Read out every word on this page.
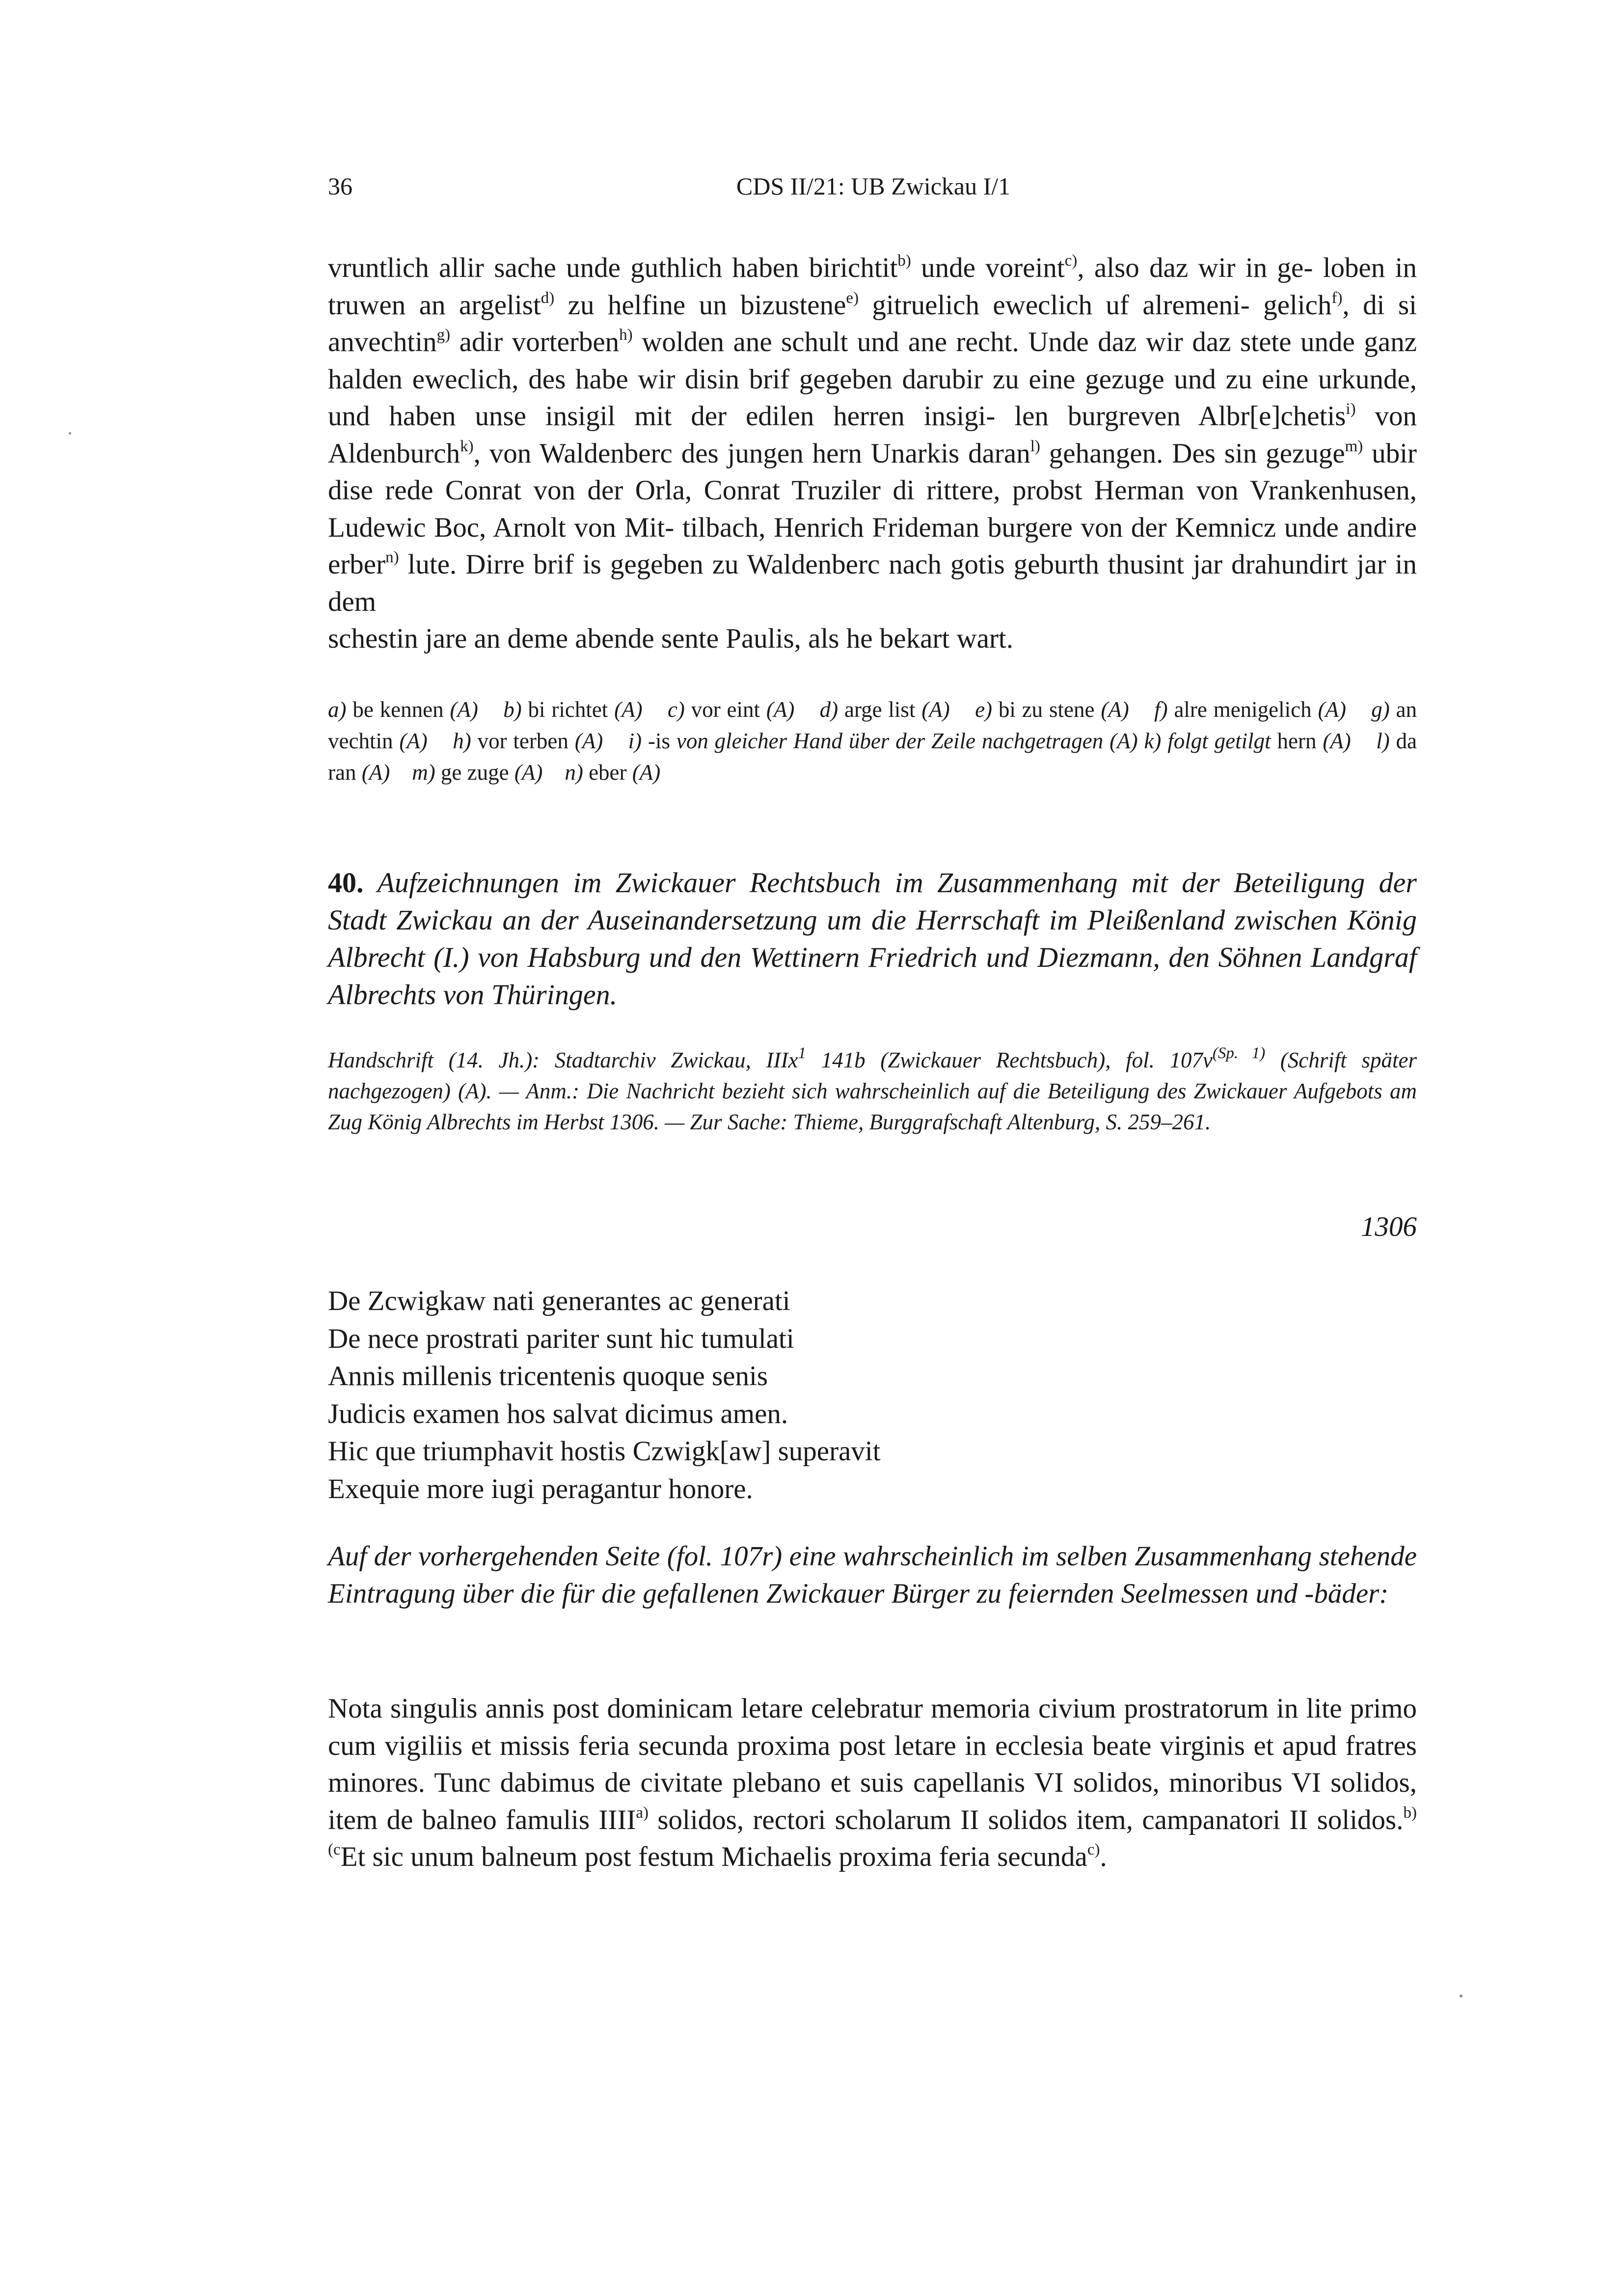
36	CDS II/21: UB Zwickau I/1

vruntlich allir sache unde guthlich haben birichtit$^{b)}$ unde voreint$^{c)}$, also daz wir in ge- loben in truwen an argelist$^{d)}$ zu helfine un bizustene$^{e)}$ gitruelich eweclich uf alremeni- gelich$^{f)}$, di si anvechtin$^{g)}$ adir vorterben$^{h)}$ wolden ane schult und ane recht. Unde daz wir daz stete unde ganz halden eweclich, des habe wir disin brif gegeben darubir zu eine gezuge und zu eine urkunde, und haben unse insigil mit der edilen herren insigi- len burgreven Albr[e]chetis$^{i)}$ von Aldenburch$^{k)}$, von Waldenberc des jungen hern Unarkis daran$^{l)}$ gehangen. Des sin gezuge$^{m)}$ ubir dise rede Conrat von der Orla, Conrat Truziler di rittere, probst Herman von Vrankenhusen, Ludewic Boc, Arnolt von Mit- tilbach, Henrich Frideman burgere von der Kemnicz unde andire erber$^{n)}$ lute. Dirre brif is gegeben zu Waldenberc nach gotis geburth thusint jar drahundirt jar in dem

schestin jare an deme abende sente Paulis, als he bekart wart.

a) be kennen (A) b) bi richtet (A) c) vor eint (A) d) arge list (A) e) bi zu stene (A) f) alre menigelich (A) g) an vechtin (A) h) vor terben (A) i) -is von gleicher Hand über der Zeile nachgetragen (A) k) folgt getilgt hern (A) l) da ran (A) m) ge zuge (A) n) eber (A)
40. Aufzeichnungen im Zwickauer Rechtsbuch im Zusammenhang mit der Beteiligung der Stadt Zwickau an der Auseinandersetzung um die Herrschaft im Pleißenland zwischen König Albrecht (I.) von Habsburg und den Wettinern Friedrich und Diezmann, den Söhnen Landgraf Albrechts von Thüringen.
Handschrift (14. Jh.): Stadtarchiv Zwickau, IIIx$^1$ 141b (Zwickauer Rechtsbuch), fol. $107v^{(Sp. 1)}$ (Schrift später nachgezogen) (A). — Anm.: Die Nachricht bezieht sich wahrscheinlich auf die Beteiligung des Zwickauer Aufgebots am Zug König Albrechts im Herbst 1306. — Zur Sache: Thieme, Burggrafschaft Altenburg, S. 259–261.
1306
De Zcwigkaw nati generantes ac generati
De nece prostrati pariter sunt hic tumulati
Annis millenis tricentenis quoque senis
Judicis examen hos salvat dicimus amen.
Hic que triumphavit hostis Czwigk[aw] superavit
Exequie more iugi peragantur honore.
Auf der vorhergehenden Seite (fol. 107r) eine wahrscheinlich im selben Zusammenhang stehende Eintragung über die für die gefallenen Zwickauer Bürger zu feiernden Seelmessen und -bäder:
Nota singulis annis post dominicam letare celebratur memoria civium prostratorum in lite primo cum vigiliis et missis feria secunda proxima post letare in ecclesia beate virginis et apud fratres minores. Tunc dabimus de civitate plebano et suis capellanis VI solidos, minoribus VI solidos, item de balneo famulis IIII$^{a)}$ solidos, rectori scholarum II solidos item, campanatori II solidos.$^{b)}$ $^{(c}$Et sic unum balneum post festum Michaelis proxima feria secunda$^{c)}$.
